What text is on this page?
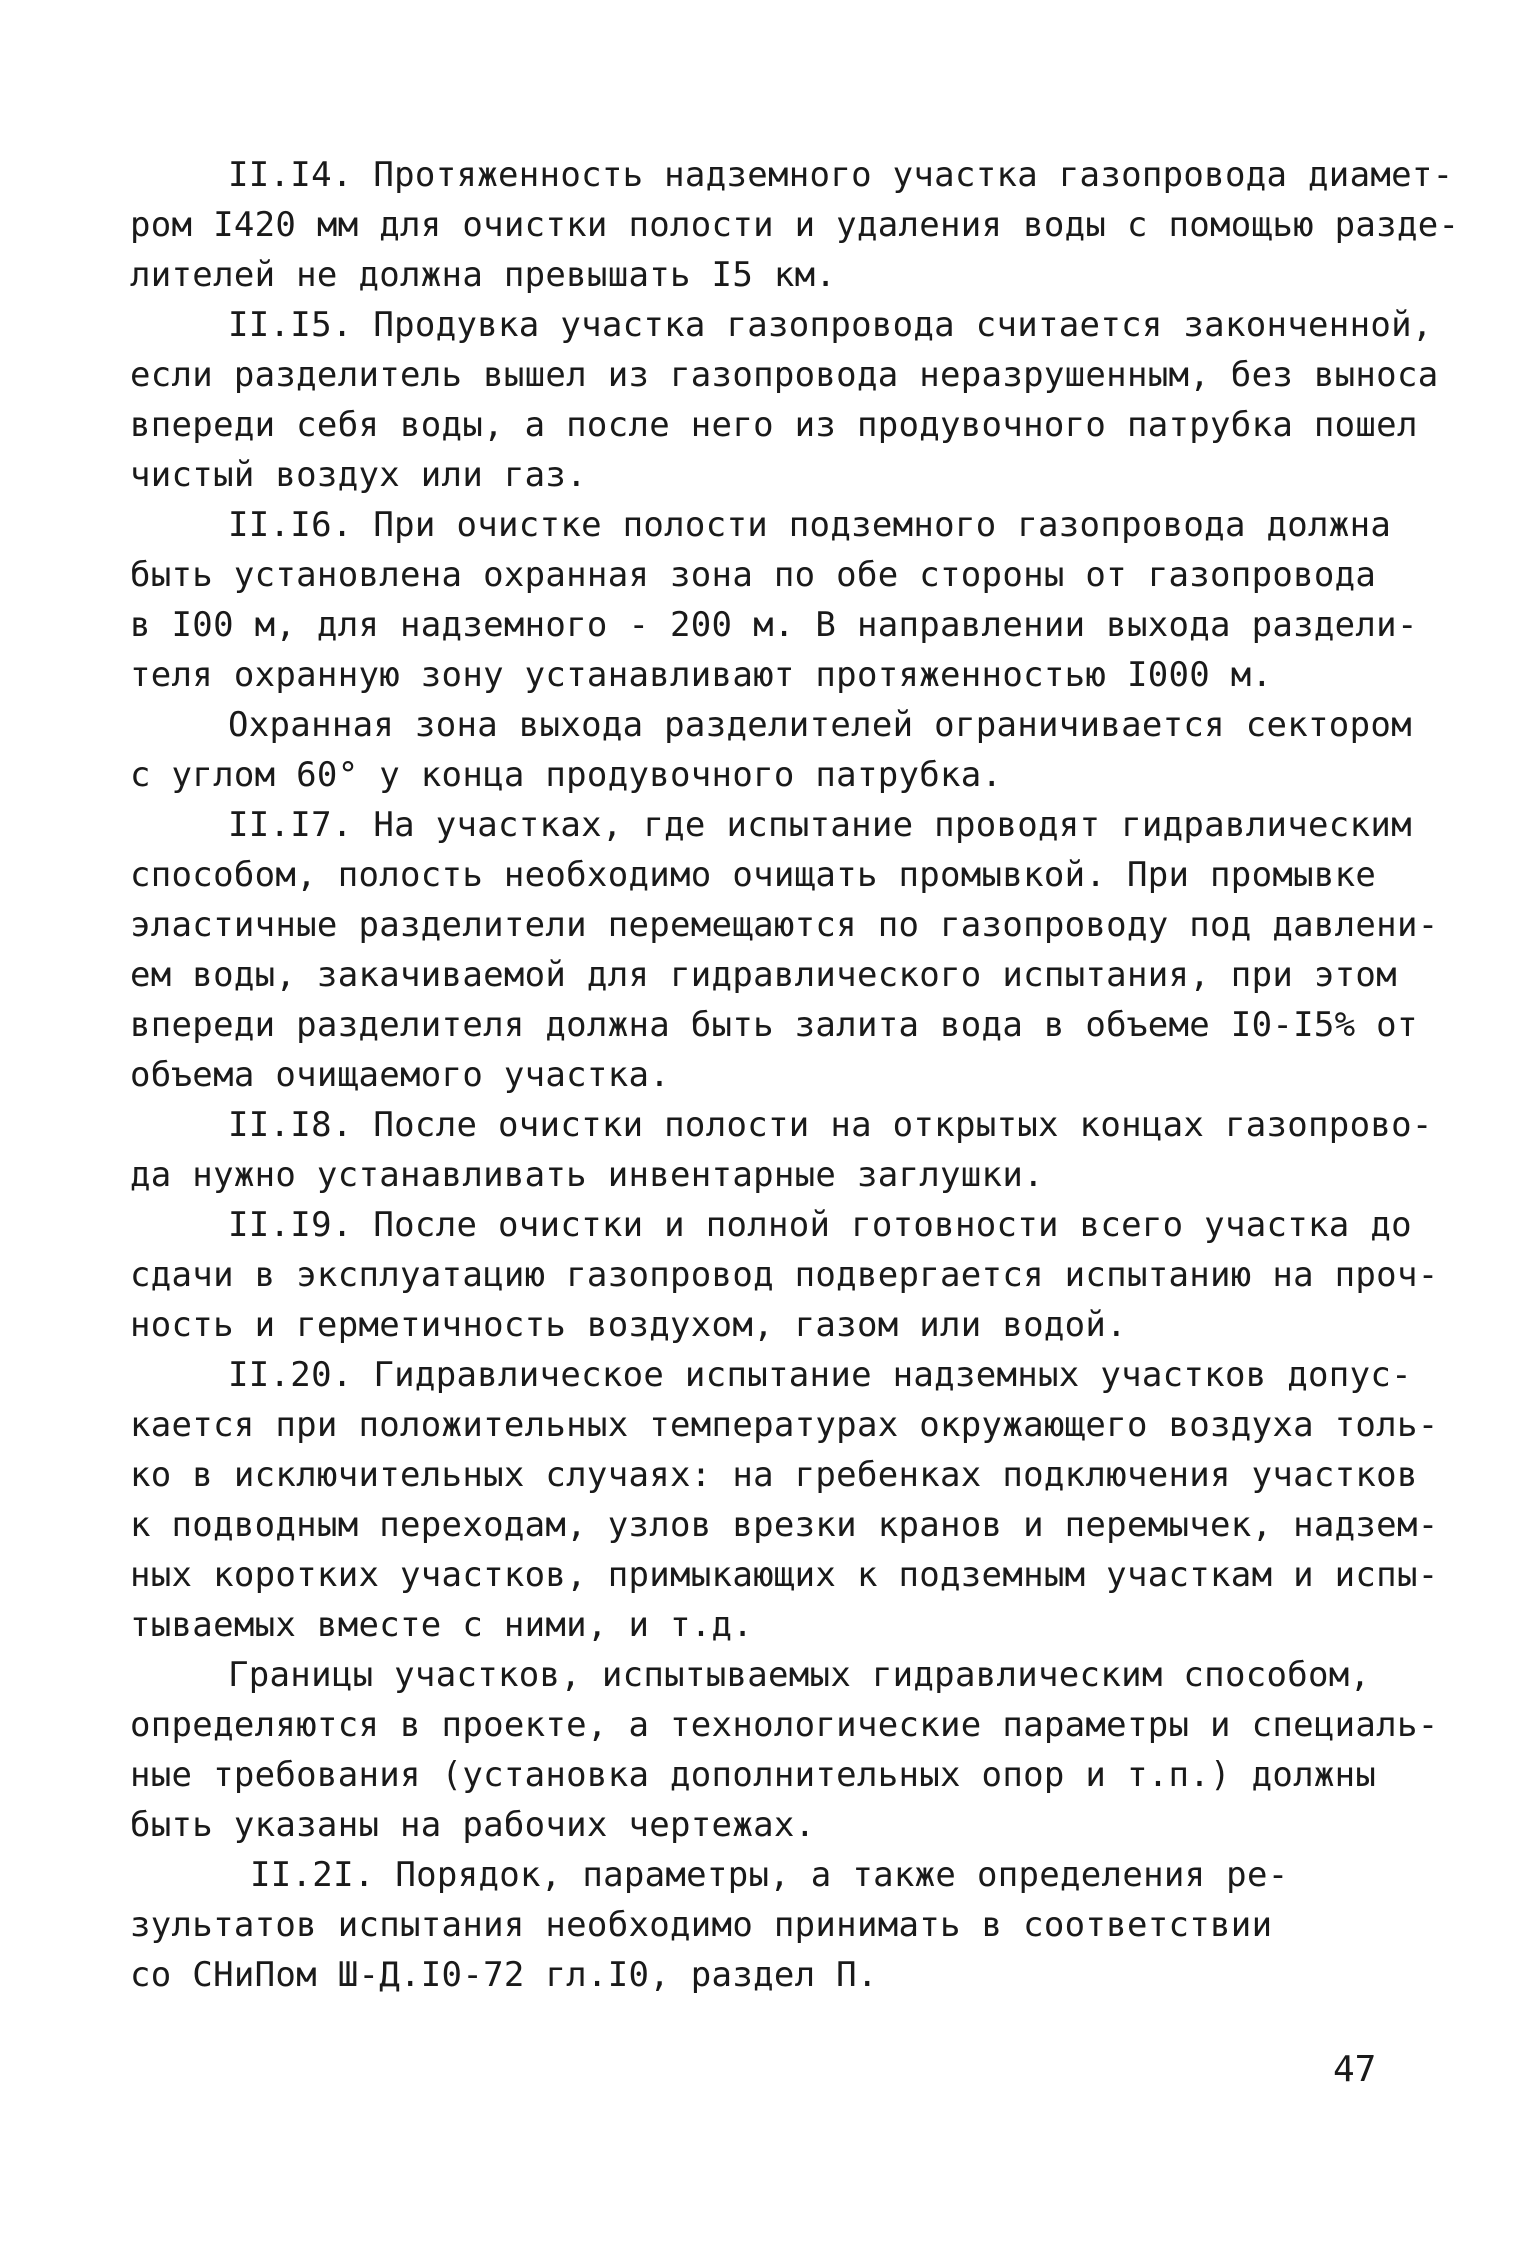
II.I4. Протяженность надземного участка газопровода диамет-
ром I420 мм для очистки полости и удаления воды с помощью разде-
лителей не должна превышать I5 км.
II.I5. Продувка участка газопровода считается законченной,
если разделитель вышел из газопровода неразрушенным, без выноса
впереди себя воды, а после него из продувочного патрубка пошел
чистый воздух или газ.
II.I6. При очистке полости подземного газопровода должна
быть установлена охранная зона по обе стороны от газопровода
в I00 м, для надземного - 200 м. В направлении выхода раздели-
теля охранную зону устанавливают протяженностью I000 м.
Охранная зона выхода разделителей ограничивается сектором
с углом 60° у конца продувочного патрубка.
II.I7. На участках, где испытание проводят гидравлическим
способом, полость необходимо очищать промывкой. При промывке
эластичные разделители перемещаются по газопроводу под давлени-
ем воды, закачиваемой для гидравлического испытания, при этом
впереди разделителя должна быть залита вода в объеме I0-I5% от
объема очищаемого участка.
II.I8. После очистки полости на открытых концах газопрово-
да нужно устанавливать инвентарные заглушки.
II.I9. После очистки и полной готовности всего участка до
сдачи в эксплуатацию газопровод подвергается испытанию на проч-
ность и герметичность воздухом, газом или водой.
II.20. Гидравлическое испытание надземных участков допус-
кается при положительных температурах окружающего воздуха толь-
ко в исключительных случаях: на гребенках подключения участков
к подводным переходам, узлов врезки кранов и перемычек, надзем-
ных коротких участков, примыкающих к подземным участкам и испы-
тываемых вместе с ними, и т.д.
Границы участков, испытываемых гидравлическим способом,
определяются в проекте, а технологические параметры и специаль-
ные требования (установка дополнительных опор и т.п.) должны
быть указаны на рабочих чертежах.
II.2I. Порядок, параметры, а также определения ре-
зультатов испытания необходимо принимать в соответствии
со СНиПом Ш-Д.I0-72 гл.I0, раздел П.
47
